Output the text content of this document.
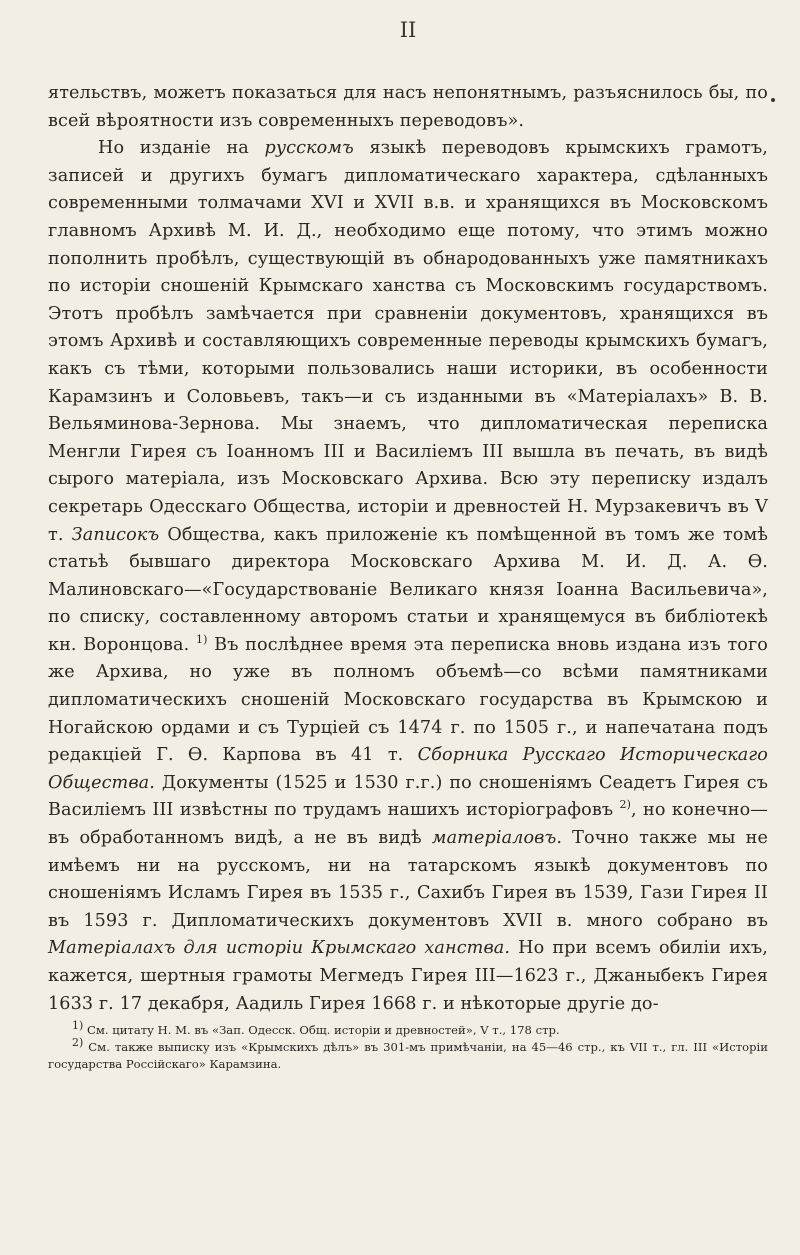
II

ятельствъ, можетъ показаться для насъ непонятнымъ, разъяснилось бы, по всей вѣроятности изъ современныхъ переводовъ».

Но изданіе на русскомъ языкѣ переводовъ крымскихъ грамотъ, записей и другихъ бумагъ дипломатическаго характера, сдѣланныхъ современными толмачами XVI и XVII в.в. и хранящихся въ Московскомъ главномъ Архивѣ М. И. Д., необходимо еще потому, что этимъ можно пополнить пробѣлъ, существующій въ обнародованныхъ уже памятникахъ по исторіи сношеній Крымскаго ханства съ Московскимъ государствомъ. Этотъ пробѣлъ замѣчается при сравненіи документовъ, хранящихся въ этомъ Архивѣ и составляющихъ современные переводы крымскихъ бумагъ, какъ съ тѣми, которыми пользовались наши историки, въ особенности Карамзинъ и Соловьевъ, такъ—и съ изданными въ «Матеріалахъ» В. В. Вельяминова-Зернова. Мы знаемъ, что дипломатическая переписка Менгли Гирея съ Іоанномъ III и Василіемъ III вышла въ печать, въ видѣ сырого матеріала, изъ Московскаго Архива. Всю эту переписку издалъ секретарь Одесскаго Общества, исторіи и древностей Н. Мурзакевичъ въ V т. Записокъ Общества, какъ приложеніе къ помѣщенной въ томъ же томѣ статьѣ бывшаго директора Московскаго Архива М. И. Д. А. Ѳ. Малиновскаго—«Государствованіе Великаго князя Іоанна Васильевича», по списку, составленному авторомъ статьи и хранящемуся въ библіотекѣ кн. Воронцова. $^{1)}$ Въ послѣднее время эта переписка вновь издана изъ того же Архива, но уже въ полномъ объемѣ—со всѣми памятниками дипломатическихъ сношеній Московскаго государства въ Крымскою и Ногайскою ордами и съ Турціей съ 1474 г. по 1505 г., и напечатана подъ редакціей Г. Ѳ. Карпова въ 41 т. Сборника Русскаго Историческаго Общества. Документы (1525 и 1530 г.г.) по сношеніямъ Сеадетъ Гирея съ Василіемъ III извѣстны по трудамъ нашихъ исторіографовъ $^{2)}$, но конечно—въ обработанномъ видѣ, а не въ видѣ матеріаловъ. Точно также мы не имѣемъ ни на русскомъ, ни на татарскомъ языкѣ документовъ по сношеніямъ Исламъ Гирея въ 1535 г., Сахибъ Гирея въ 1539, Гази Гирея II въ 1593 г. Дипломатическихъ документовъ XVII в. много собрано въ Матеріалахъ для исторіи Крымскаго ханства. Но при всемъ обиліи ихъ, кажется, шертныя грамоты Мегмедъ Гирея III—1623 г., Джаныбекъ Гирея 1633 г. 17 декабря, Аадиль Гирея 1668 г. и нѣкоторые другіе до-

$^{1)}$ См. цитату Н. М. въ «Зап. Одесск. Общ. исторіи и древностей», V т., 178 стр.

$^{2)}$ См. также выписку изъ «Крымскихъ дѣлъ» въ 301-мъ примѣчаніи, на 45—46 стр., къ VII т., гл. III «Исторіи государства Россійскаго» Карамзина.
